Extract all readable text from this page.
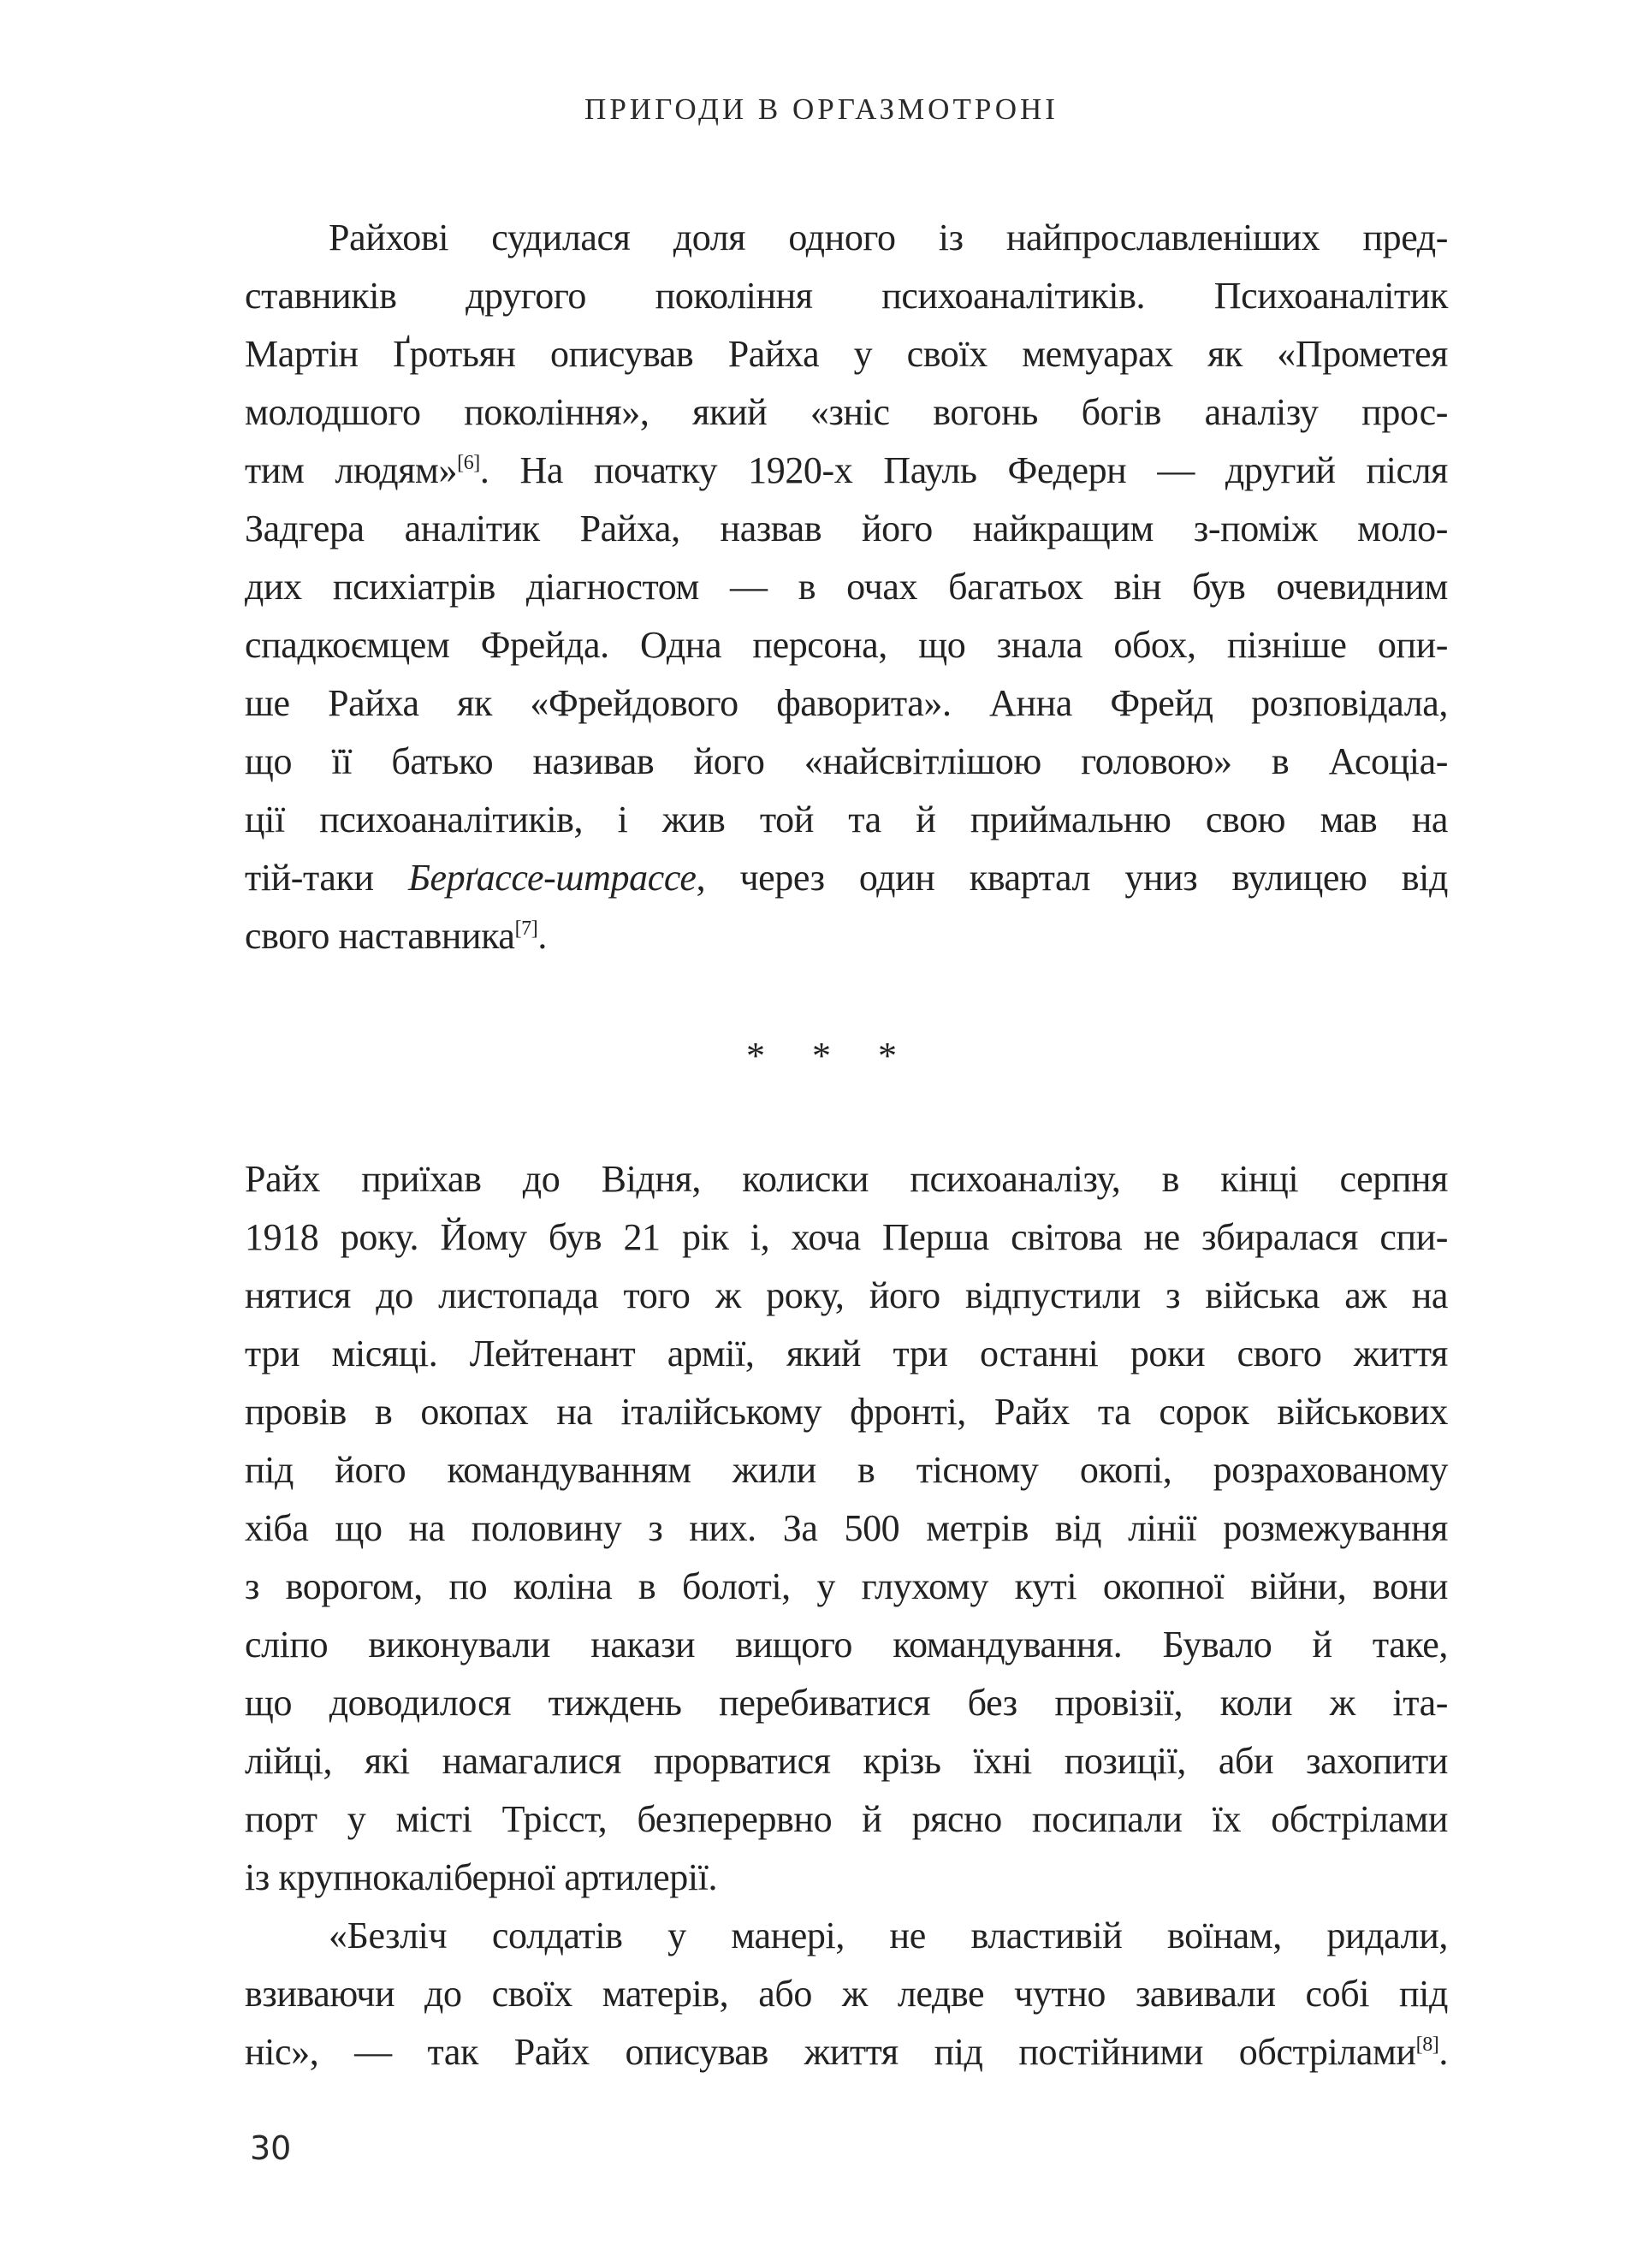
ПРИГОДИ В ОРГАЗМОТРОНІ
Райхові судилася доля одного із найпрославленіших пред-
ставників другого покоління психоаналітиків. Психоаналітик
Мартін Ґротьян описував Райха у своїх мемуарах як «Прометея
молодшого покоління», який «зніс вогонь богів аналізу прос-
тим людям»[6]. На початку 1920-х Пауль Федерн — другий після
Задгера аналітик Райха, назвав його найкращим з-поміж моло-
дих психіатрів діагностом — в очах багатьох він був очевидним
спадкоємцем Фрейда. Одна персона, що знала обох, пізніше опи-
ше Райха як «Фрейдового фаворита». Анна Фрейд розповідала,
що її батько називав його «найсвітлішою головою» в Асоціа-
ції психоаналітиків, і жив той та й приймальню свою мав на
тій-таки Берґассе-штрассе, через один квартал униз вулицею від
свого наставника[7].
* * *
Райх приїхав до Відня, колиски психоаналізу, в кінці серпня
1918 року. Йому був 21 рік і, хоча Перша світова не збиралася спи-
нятися до листопада того ж року, його відпустили з війська аж на
три місяці. Лейтенант армії, який три останні роки свого життя
провів в окопах на італійському фронті, Райх та сорок військових
під його командуванням жили в тісному окопі, розрахованому
хіба що на половину з них. За 500 метрів від лінії розмежування
з ворогом, по коліна в болоті, у глухому куті окопної війни, вони
сліпо виконували накази вищого командування. Бувало й таке,
що доводилося тиждень перебиватися без провізії, коли ж іта-
лійці, які намагалися прорватися крізь їхні позиції, аби захопити
порт у місті Трісст, безперервно й рясно посипали їх обстрілами
із крупнокаліберної артилерії.
«Безліч солдатів у манері, не властивій воїнам, ридали,
взиваючи до своїх матерів, або ж ледве чутно завивали собі під
ніс», — так Райх описував життя під постійними обстрілами[8].
30
